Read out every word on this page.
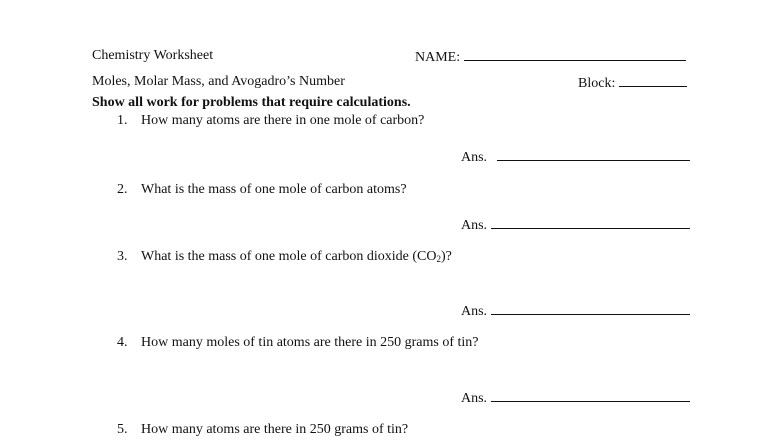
Chemistry Worksheet	NAME:
Moles, Molar Mass, and Avogadro’s Number	Block:
Show all work for problems that require calculations.
1. How many atoms are there in one mole of carbon?
Ans.
2. What is the mass of one mole of carbon atoms?
Ans.
3. What is the mass of one mole of carbon dioxide $(CO_2)$?
Ans.
4. How many moles of tin atoms are there in 250 grams of tin?
Ans.
5. How many atoms are there in 250 grams of tin?
